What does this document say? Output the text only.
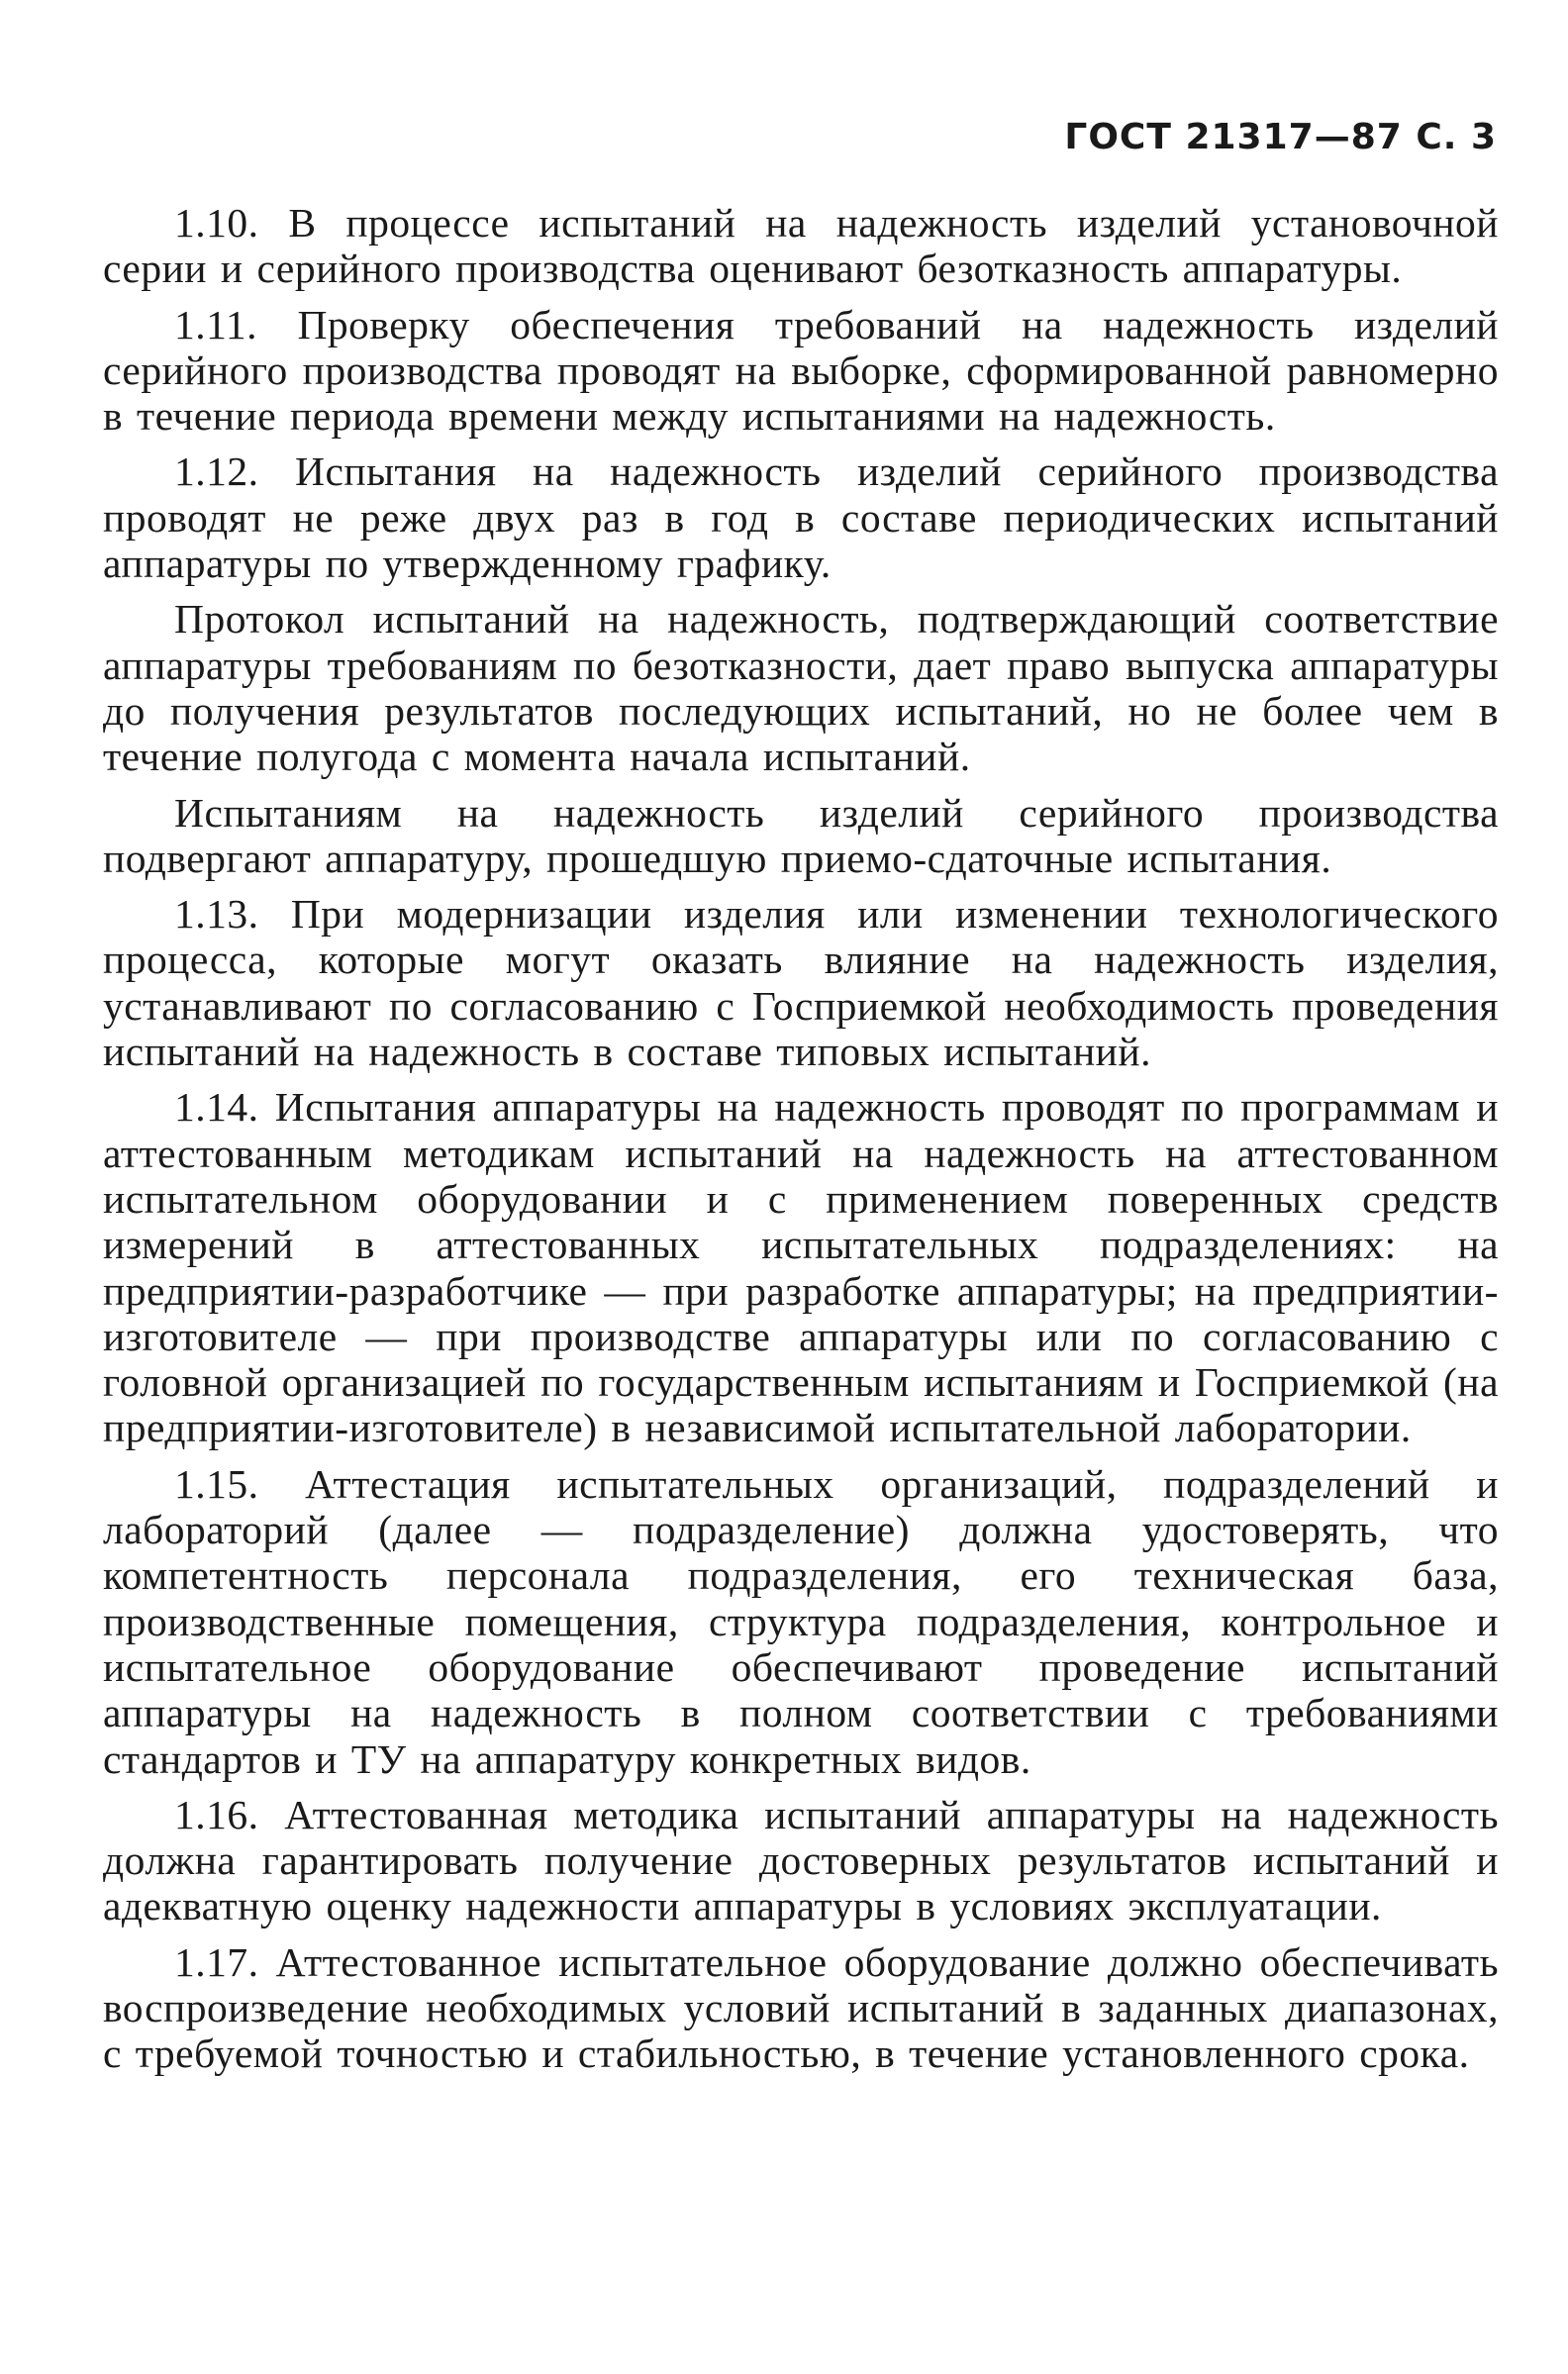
ГОСТ 21317—87 С. 3

1.10. В процессе испытаний на надежность изделий установочной серии и серийного производства оценивают безотказность аппаратуры.

1.11. Проверку обеспечения требований на надежность изделий серийного производства проводят на выборке, сформированной равномерно в течение периода времени между испытаниями на надежность.

1.12. Испытания на надежность изделий серийного производства проводят не реже двух раз в год в составе периодических испытаний аппаратуры по утвержденному графику.

Протокол испытаний на надежность, подтверждающий соответствие аппаратуры требованиям по безотказности, дает право выпуска аппаратуры до получения результатов последующих испытаний, но не более чем в течение полугода с момента начала испытаний.

Испытаниям на надежность изделий серийного производства подвергают аппаратуру, прошедшую приемо-сдаточные испытания.

1.13. При модернизации изделия или изменении технологического процесса, которые могут оказать влияние на надежность изделия, устанавливают по согласованию с Госприемкой необходимость проведения испытаний на надежность в составе типовых испытаний.

1.14. Испытания аппаратуры на надежность проводят по программам и аттестованным методикам испытаний на надежность на аттестованном испытательном оборудовании и с применением поверенных средств измерений в аттестованных испытательных подразделениях: на предприятии-разработчике — при разработке аппаратуры; на предприятии-изготовителе — при производстве аппаратуры или по согласованию с головной организацией по государственным испытаниям и Госприемкой (на предприятии-изготовителе) в независимой испытательной лаборатории.

1.15. Аттестация испытательных организаций, подразделений и лабораторий (далее — подразделение) должна удостоверять, что компетентность персонала подразделения, его техническая база, производственные помещения, структура подразделения, контрольное и испытательное оборудование обеспечивают проведение испытаний аппаратуры на надежность в полном соответствии с требованиями стандартов и ТУ на аппаратуру конкретных видов.

1.16. Аттестованная методика испытаний аппаратуры на надежность должна гарантировать получение достоверных результатов испытаний и адекватную оценку надежности аппаратуры в условиях эксплуатации.

1.17. Аттестованное испытательное оборудование должно обеспечивать воспроизведение необходимых условий испытаний в заданных диапазонах, с требуемой точностью и стабильностью, в течение установленного срока.
